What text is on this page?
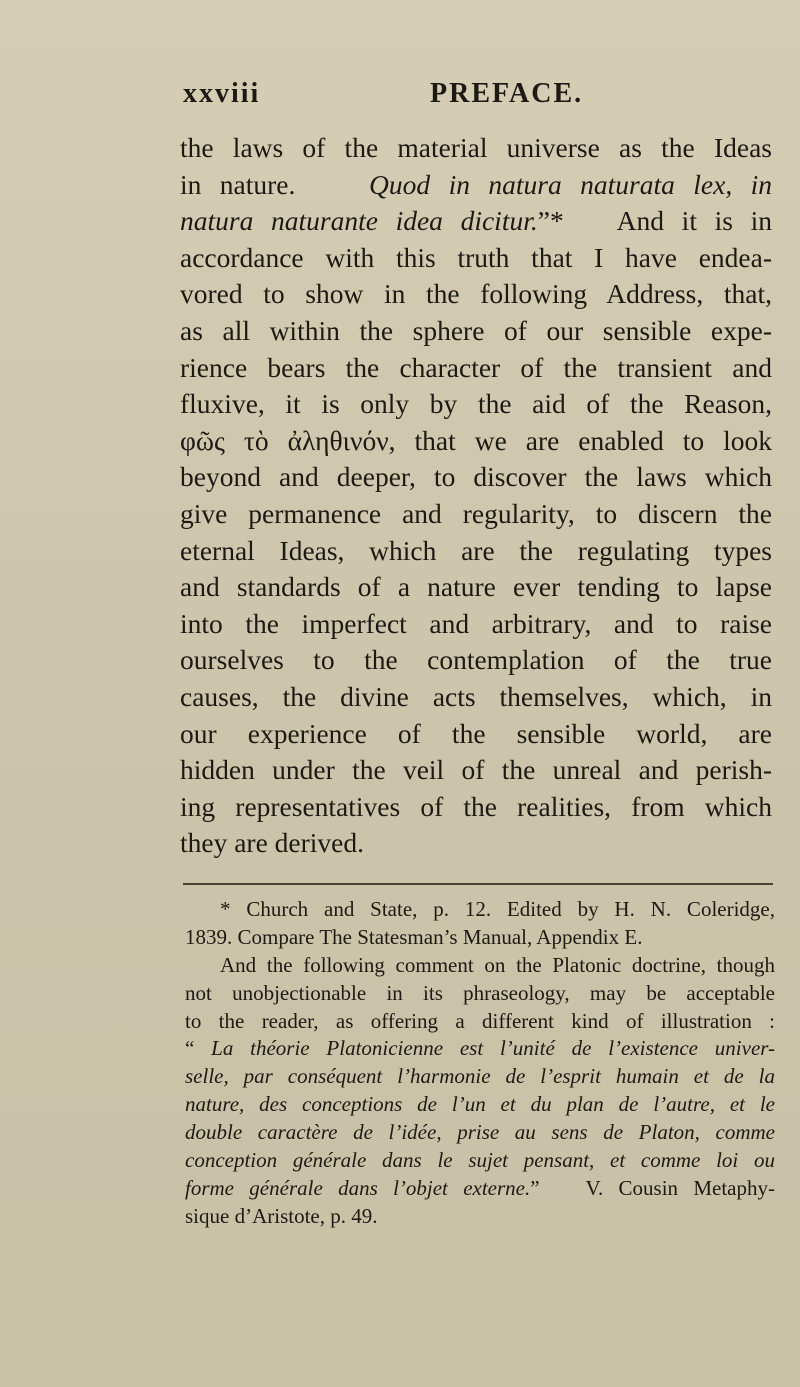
xxviii	PREFACE.
the laws of the material universe as the Ideas
in nature.	Quod in natura naturata lex, in
natura naturante idea dicitur.”* And it is in
accordance with this truth that I have endea-
vored to show in the following Address, that,
as all within the sphere of our sensible expe-
rience bears the character of the transient and
fluxive, it is only by the aid of the Reason,
φῶς τὸ ἀληθινόν, that we are enabled to look
beyond and deeper, to discover the laws which
give permanence and regularity, to discern the
eternal Ideas, which are the regulating types
and standards of a nature ever tending to lapse
into the imperfect and arbitrary, and to raise
ourselves to the contemplation of the true
causes, the divine acts themselves, which, in
our experience of the sensible world, are
hidden under the veil of the unreal and perish-
ing representatives of the realities, from which
they are derived.
* Church and State, p. 12. Edited by H. N. Coleridge,
1839. Compare The Statesman’s Manual, Appendix E.
And the following comment on the Platonic doctrine, though
not unobjectionable in its phraseology, may be acceptable
to the reader, as offering a different kind of illustration :
“ La théorie Platonicienne est l’unité de l’existence univer-
selle, par conséquent l’harmonie de l’esprit humain et de la
nature, des conceptions de l’un et du plan de l’autre, et le
double caractère de l’idée, prise au sens de Platon, comme
conception générale dans le sujet pensant, et comme loi ou
forme générale dans l’objet externe.” V. Cousin Metaphy-
sique d’Aristote, p. 49.
